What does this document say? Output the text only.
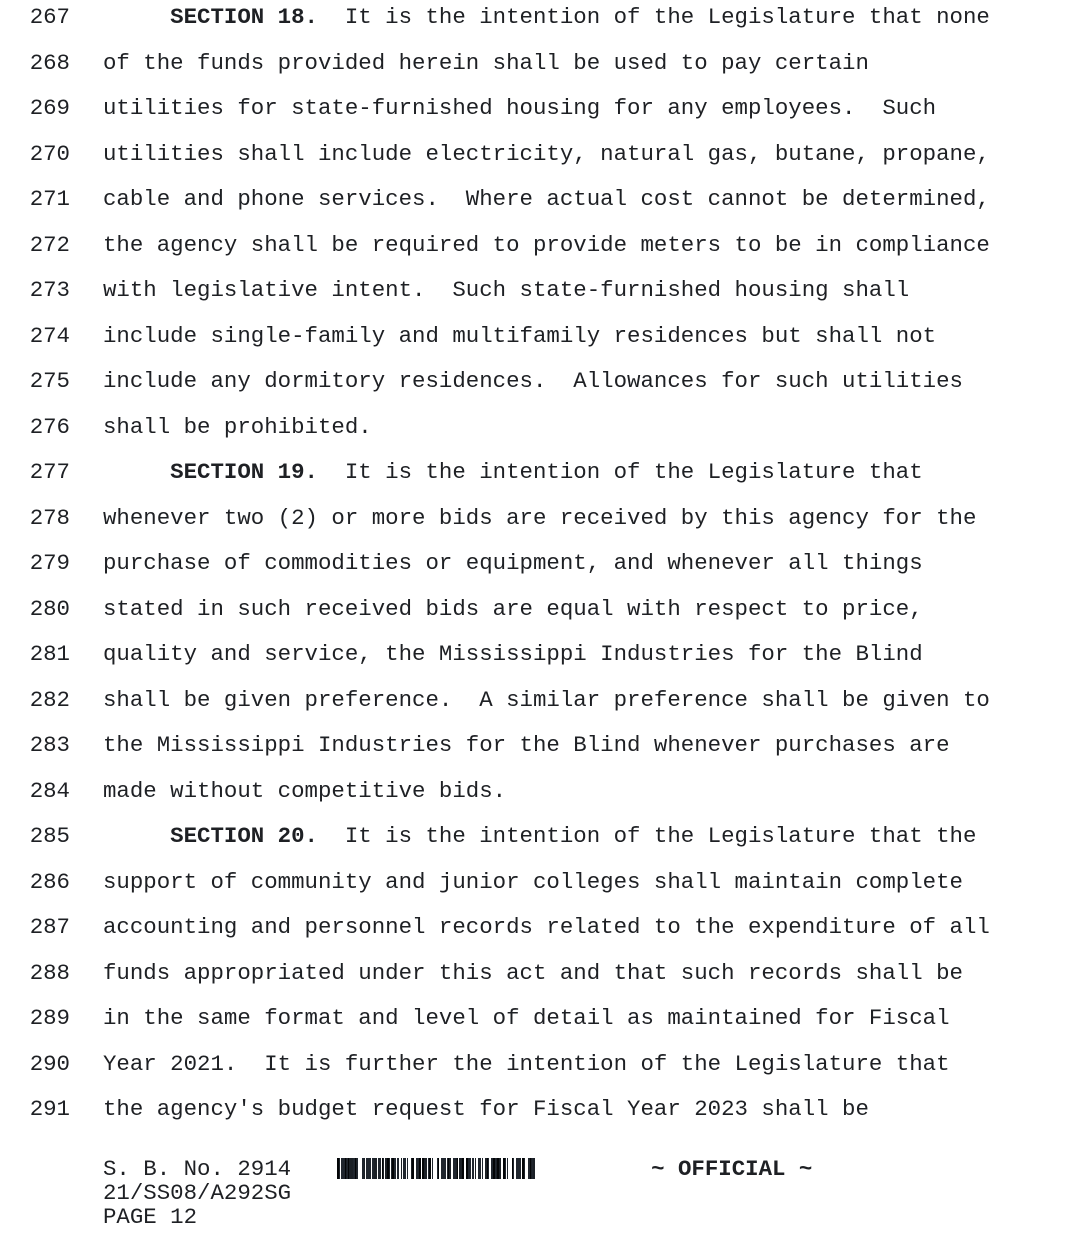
267	SECTION 18.  It is the intention of the Legislature that none
268	of the funds provided herein shall be used to pay certain
269	utilities for state-furnished housing for any employees.  Such
270	utilities shall include electricity, natural gas, butane, propane,
271	cable and phone services.  Where actual cost cannot be determined,
272	the agency shall be required to provide meters to be in compliance
273	with legislative intent.  Such state-furnished housing shall
274	include single-family and multifamily residences but shall not
275	include any dormitory residences.  Allowances for such utilities
276	shall be prohibited.
277	SECTION 19.  It is the intention of the Legislature that
278	whenever two (2) or more bids are received by this agency for the
279	purchase of commodities or equipment, and whenever all things
280	stated in such received bids are equal with respect to price,
281	quality and service, the Mississippi Industries for the Blind
282	shall be given preference.  A similar preference shall be given to
283	the Mississippi Industries for the Blind whenever purchases are
284	made without competitive bids.
285	SECTION 20.  It is the intention of the Legislature that the
286	support of community and junior colleges shall maintain complete
287	accounting and personnel records related to the expenditure of all
288	funds appropriated under this act and that such records shall be
289	in the same format and level of detail as maintained for Fiscal
290	Year 2021.  It is further the intention of the Legislature that
291	the agency's budget request for Fiscal Year 2023 shall be
S. B. No. 2914	~ OFFICIAL ~
21/SS08/A292SG
PAGE 12
